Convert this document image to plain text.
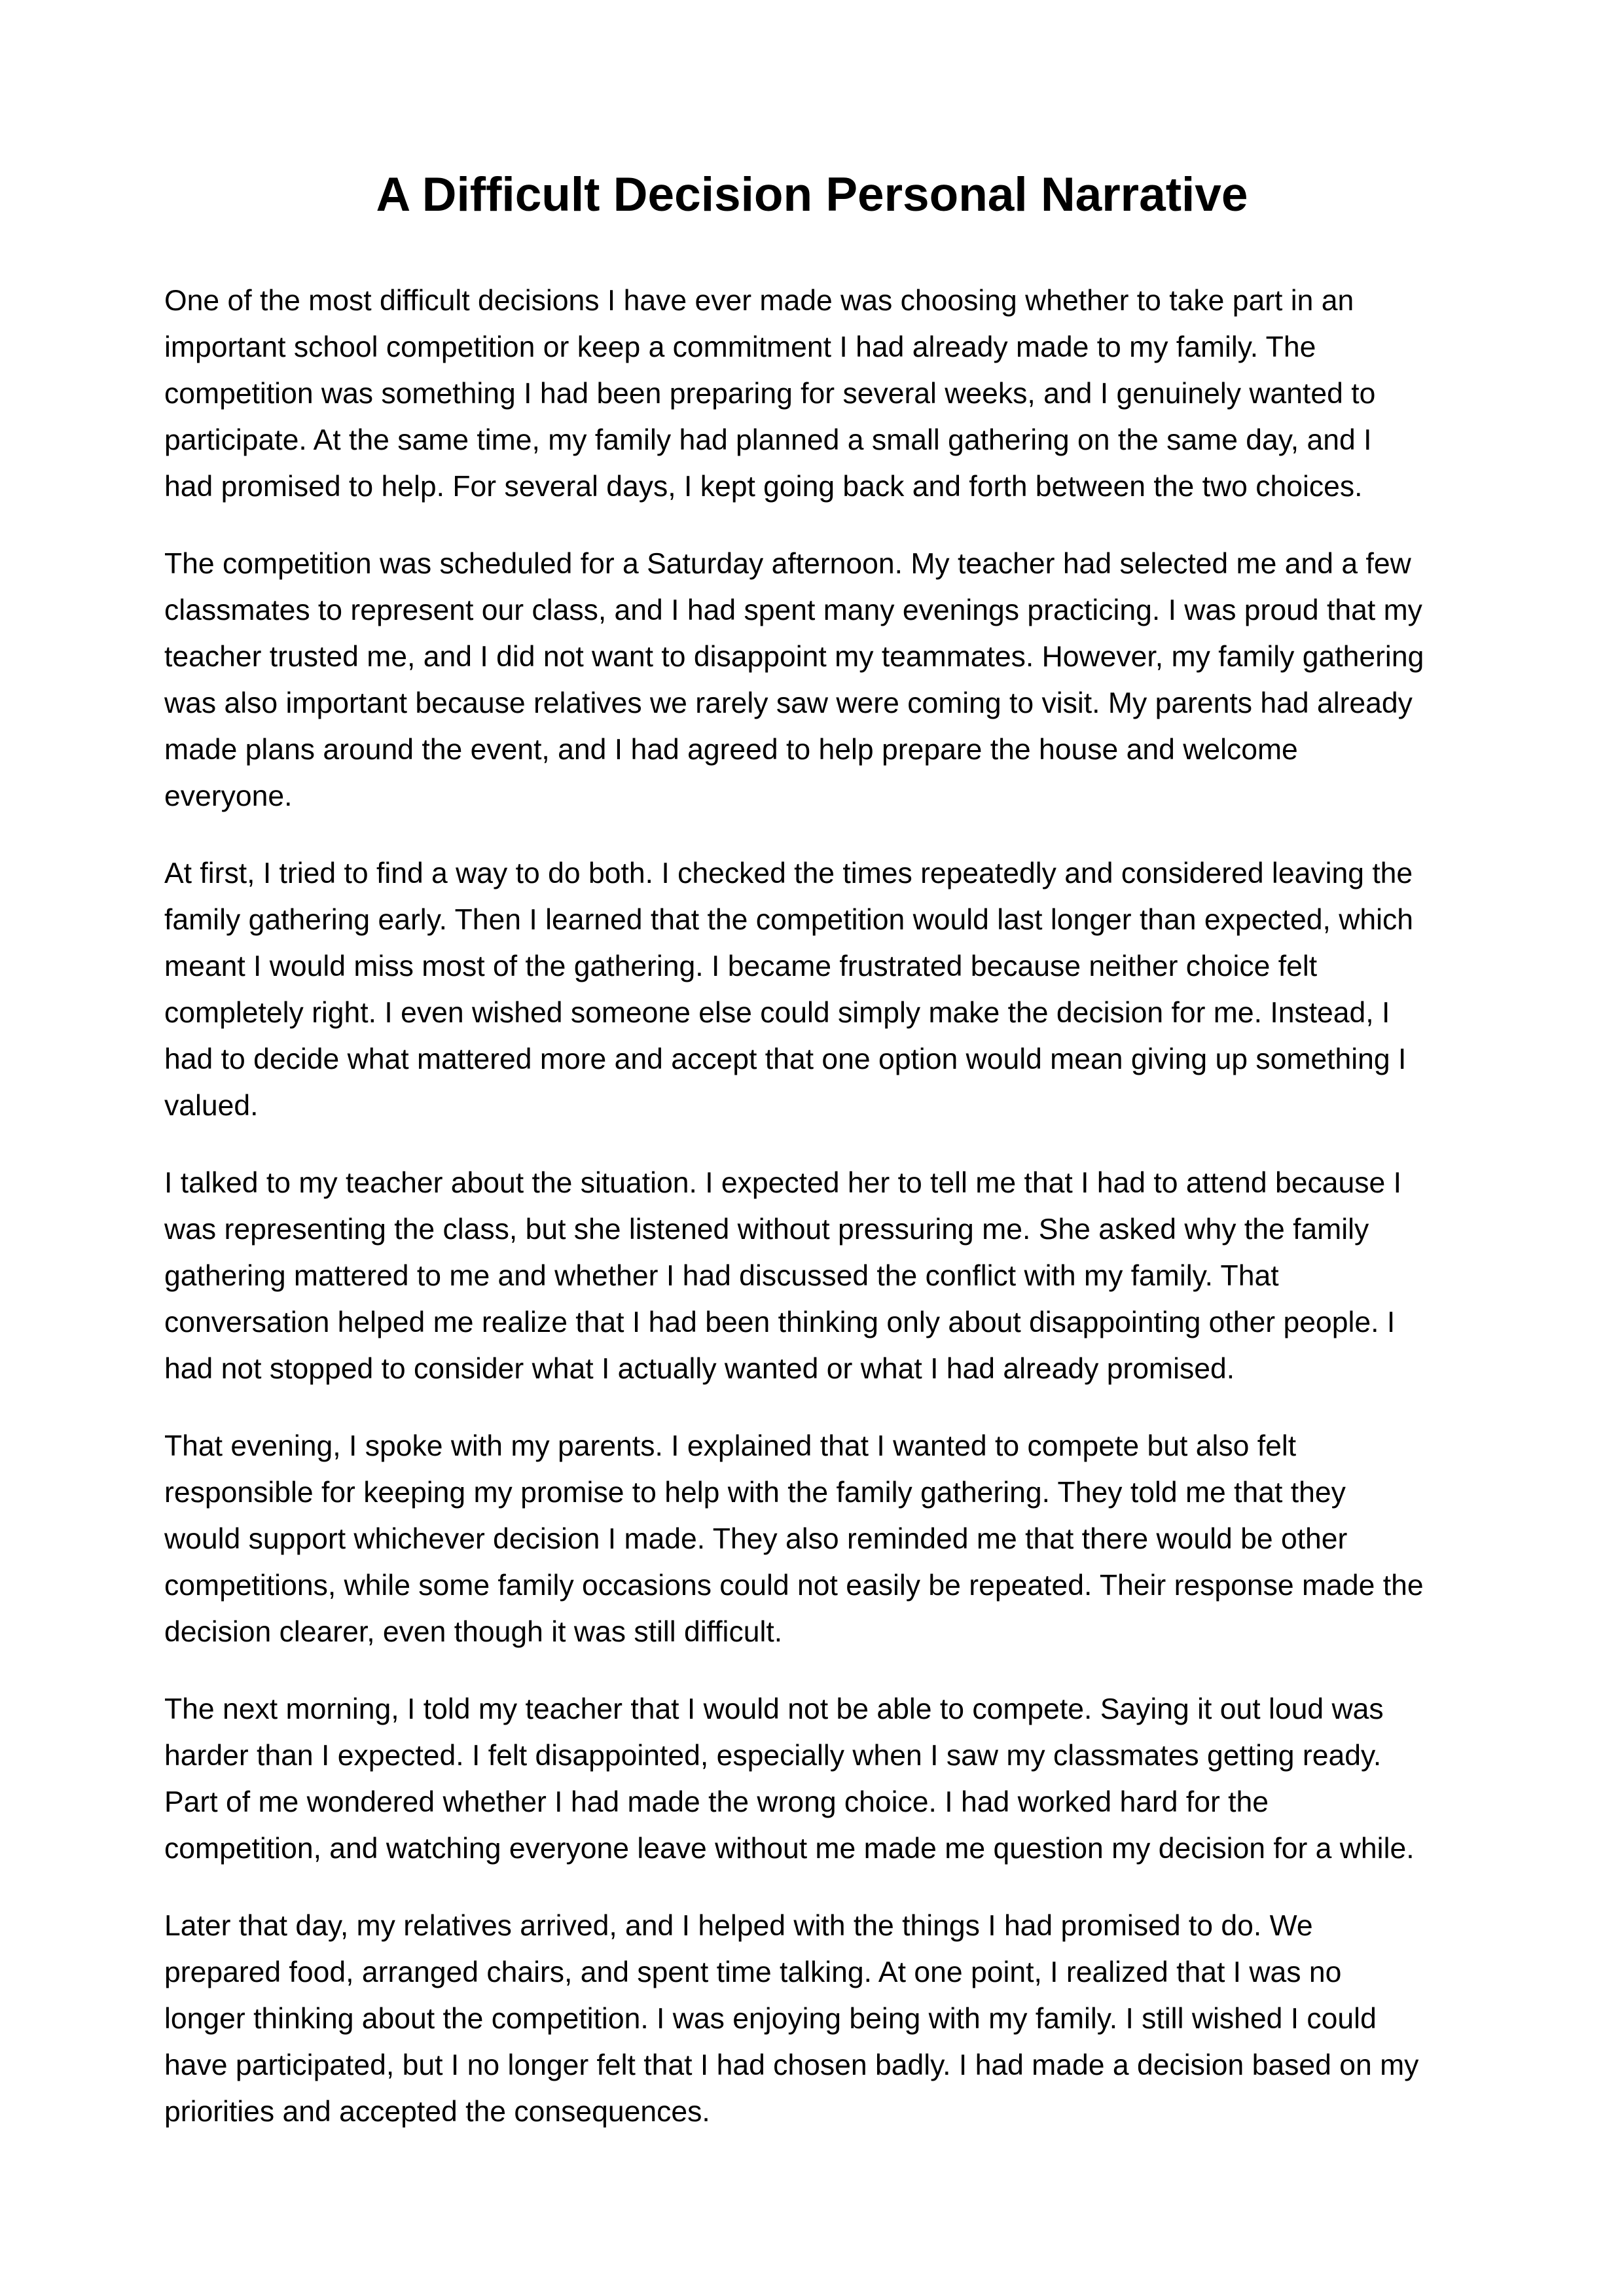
A Difficult Decision Personal Narrative

One of the most difficult decisions I have ever made was choosing whether to take part in an
important school competition or keep a commitment I had already made to my family. The
competition was something I had been preparing for several weeks, and I genuinely wanted to
participate. At the same time, my family had planned a small gathering on the same day, and I
had promised to help. For several days, I kept going back and forth between the two choices.

The competition was scheduled for a Saturday afternoon. My teacher had selected me and a few
classmates to represent our class, and I had spent many evenings practicing. I was proud that my
teacher trusted me, and I did not want to disappoint my teammates. However, my family gathering
was also important because relatives we rarely saw were coming to visit. My parents had already
made plans around the event, and I had agreed to help prepare the house and welcome
everyone.

At first, I tried to find a way to do both. I checked the times repeatedly and considered leaving the
family gathering early. Then I learned that the competition would last longer than expected, which
meant I would miss most of the gathering. I became frustrated because neither choice felt
completely right. I even wished someone else could simply make the decision for me. Instead, I
had to decide what mattered more and accept that one option would mean giving up something I
valued.

I talked to my teacher about the situation. I expected her to tell me that I had to attend because I
was representing the class, but she listened without pressuring me. She asked why the family
gathering mattered to me and whether I had discussed the conflict with my family. That
conversation helped me realize that I had been thinking only about disappointing other people. I
had not stopped to consider what I actually wanted or what I had already promised.

That evening, I spoke with my parents. I explained that I wanted to compete but also felt
responsible for keeping my promise to help with the family gathering. They told me that they
would support whichever decision I made. They also reminded me that there would be other
competitions, while some family occasions could not easily be repeated. Their response made the
decision clearer, even though it was still difficult.

The next morning, I told my teacher that I would not be able to compete. Saying it out loud was
harder than I expected. I felt disappointed, especially when I saw my classmates getting ready.
Part of me wondered whether I had made the wrong choice. I had worked hard for the
competition, and watching everyone leave without me made me question my decision for a while.

Later that day, my relatives arrived, and I helped with the things I had promised to do. We
prepared food, arranged chairs, and spent time talking. At one point, I realized that I was no
longer thinking about the competition. I was enjoying being with my family. I still wished I could
have participated, but I no longer felt that I had chosen badly. I had made a decision based on my
priorities and accepted the consequences.
